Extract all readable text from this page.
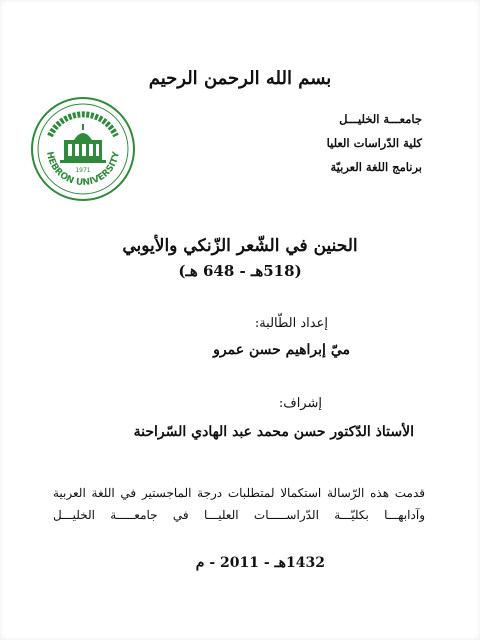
بسم الله الرحمن الرحيم
جامعـــة الخليـــل
كلية الدّراسات العليا
برنامج اللغة العربيّة
HEBRON UNIVERSITY
1971
الحنين في الشّعر الزّنكي والأيوبي
(518هـ - 648 هـ)
إعداد الطّالبة:
ميّ إبراهيم حسن عمرو
إشراف:
الأستاذ الدّكتور حسن محمد عبد الهادي السّراحنة
قدمت هذه الرّسالة استكمالا لمتطلبات درجة الماجستير في اللغة العربية
وآدابهـــا بكليّـــة الدّراســـــات العليـــا في جامعـــــة الخليـــل
1432هـ - 2011 - م
